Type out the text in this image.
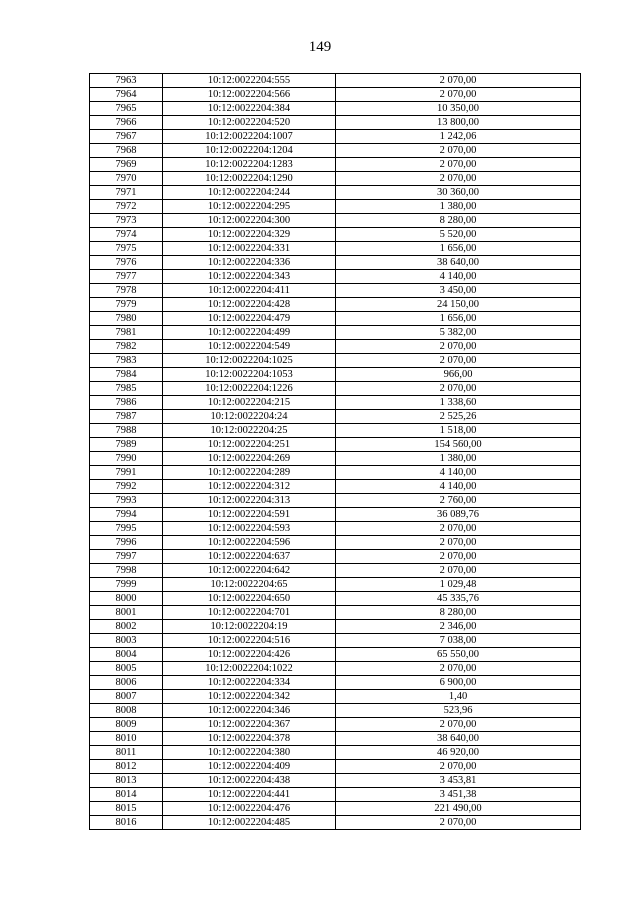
149
7963	10:12:0022204:555	2 070,00
7964	10:12:0022204:566	2 070,00
7965	10:12:0022204:384	10 350,00
7966	10:12:0022204:520	13 800,00
7967	10:12:0022204:1007	1 242,06
7968	10:12:0022204:1204	2 070,00
7969	10:12:0022204:1283	2 070,00
7970	10:12:0022204:1290	2 070,00
7971	10:12:0022204:244	30 360,00
7972	10:12:0022204:295	1 380,00
7973	10:12:0022204:300	8 280,00
7974	10:12:0022204:329	5 520,00
7975	10:12:0022204:331	1 656,00
7976	10:12:0022204:336	38 640,00
7977	10:12:0022204:343	4 140,00
7978	10:12:0022204:411	3 450,00
7979	10:12:0022204:428	24 150,00
7980	10:12:0022204:479	1 656,00
7981	10:12:0022204:499	5 382,00
7982	10:12:0022204:549	2 070,00
7983	10:12:0022204:1025	2 070,00
7984	10:12:0022204:1053	966,00
7985	10:12:0022204:1226	2 070,00
7986	10:12:0022204:215	1 338,60
7987	10:12:0022204:24	2 525,26
7988	10:12:0022204:25	1 518,00
7989	10:12:0022204:251	154 560,00
7990	10:12:0022204:269	1 380,00
7991	10:12:0022204:289	4 140,00
7992	10:12:0022204:312	4 140,00
7993	10:12:0022204:313	2 760,00
7994	10:12:0022204:591	36 089,76
7995	10:12:0022204:593	2 070,00
7996	10:12:0022204:596	2 070,00
7997	10:12:0022204:637	2 070,00
7998	10:12:0022204:642	2 070,00
7999	10:12:0022204:65	1 029,48
8000	10:12:0022204:650	45 335,76
8001	10:12:0022204:701	8 280,00
8002	10:12:0022204:19	2 346,00
8003	10:12:0022204:516	7 038,00
8004	10:12:0022204:426	65 550,00
8005	10:12:0022204:1022	2 070,00
8006	10:12:0022204:334	6 900,00
8007	10:12:0022204:342	1,40
8008	10:12:0022204:346	523,96
8009	10:12:0022204:367	2 070,00
8010	10:12:0022204:378	38 640,00
8011	10:12:0022204:380	46 920,00
8012	10:12:0022204:409	2 070,00
8013	10:12:0022204:438	3 453,81
8014	10:12:0022204:441	3 451,38
8015	10:12:0022204:476	221 490,00
8016	10:12:0022204:485	2 070,00
